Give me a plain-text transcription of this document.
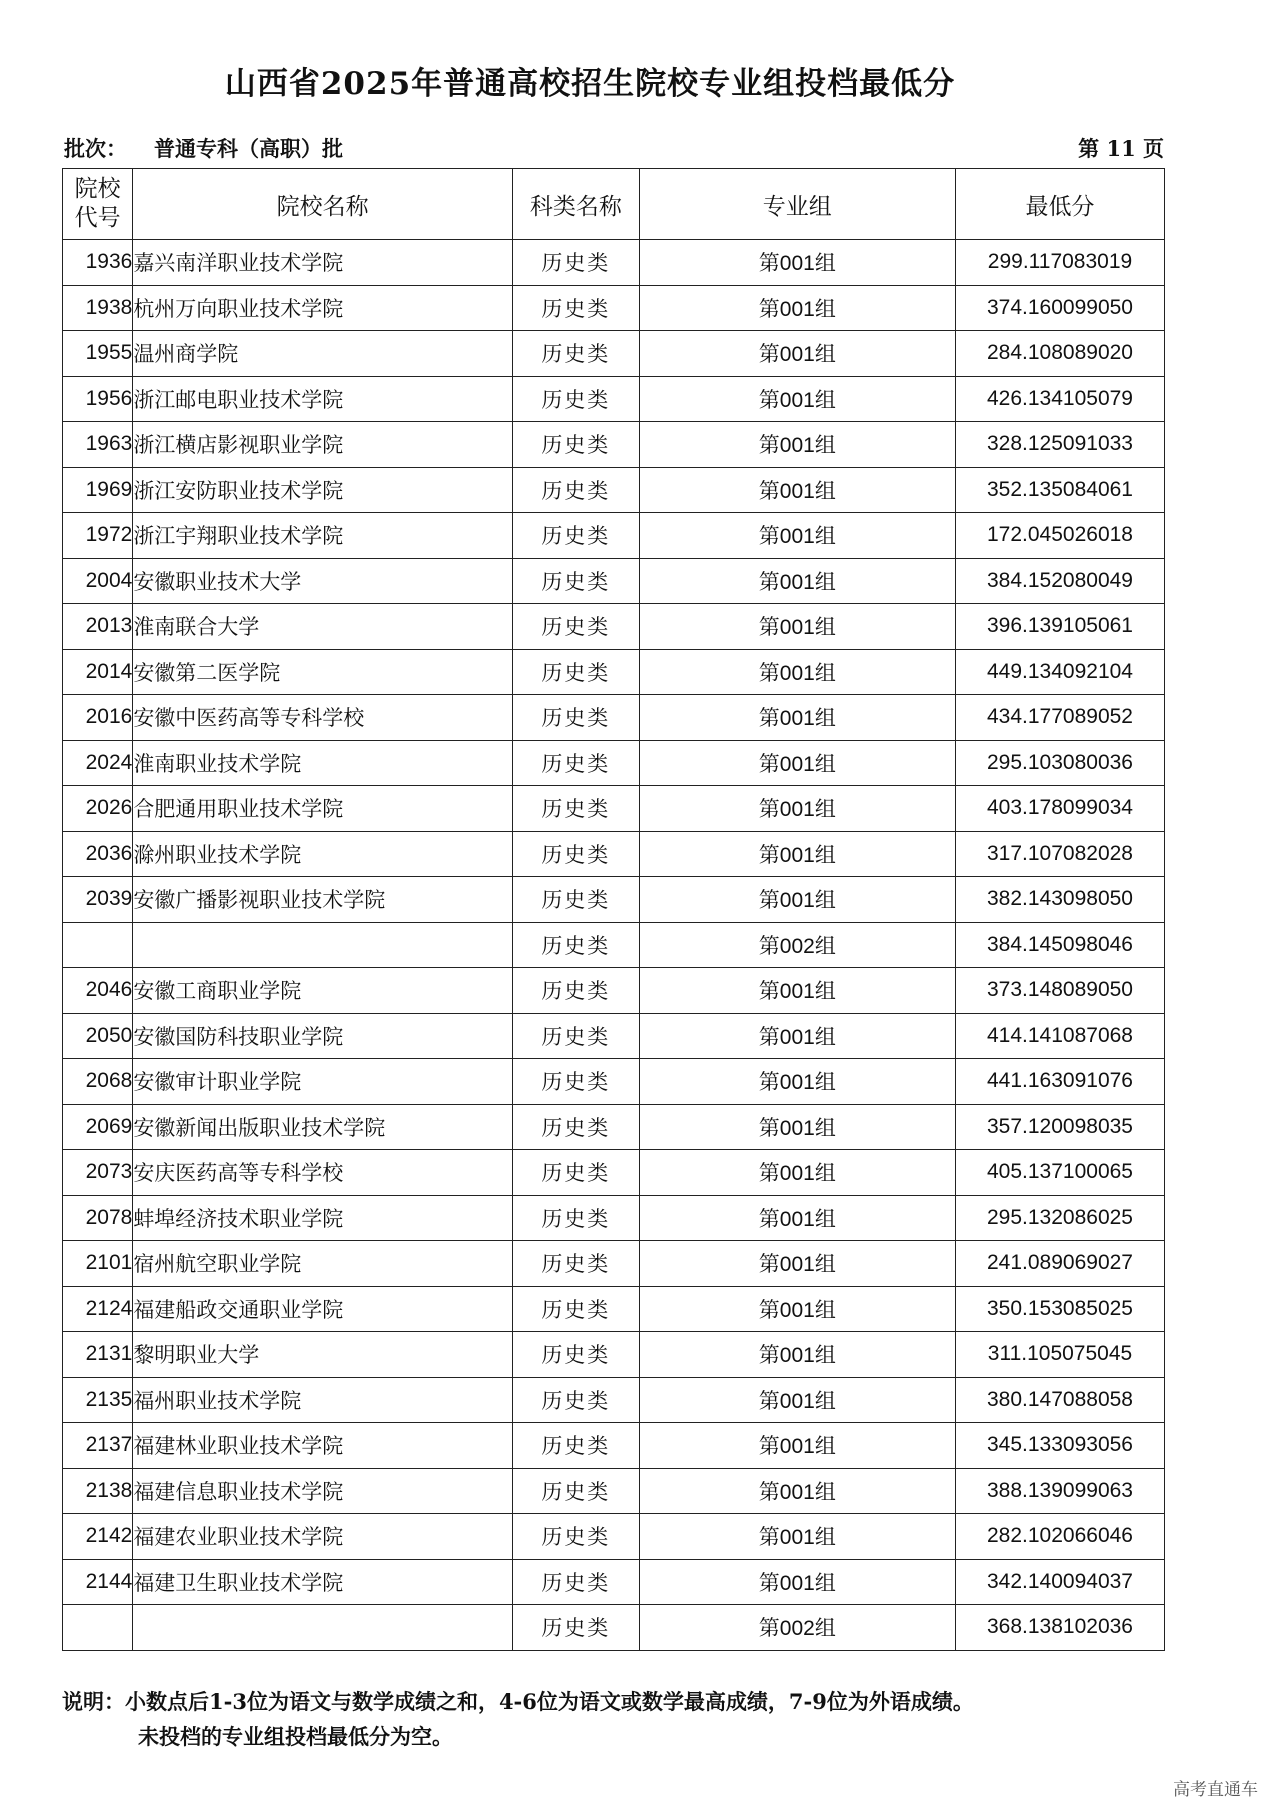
山西省2025年普通高校招生院校专业组投档最低分
批次： 普通专科（高职）批	第 11 页
院校
代号	院校名称	科类名称	专业组	最低分
1936	嘉兴南洋职业技术学院	历史类	第001组	299.117083019
1938	杭州万向职业技术学院	历史类	第001组	374.160099050
1955	温州商学院	历史类	第001组	284.108089020
1956	浙江邮电职业技术学院	历史类	第001组	426.134105079
1963	浙江横店影视职业学院	历史类	第001组	328.125091033
1969	浙江安防职业技术学院	历史类	第001组	352.135084061
1972	浙江宇翔职业技术学院	历史类	第001组	172.045026018
2004	安徽职业技术大学	历史类	第001组	384.152080049
2013	淮南联合大学	历史类	第001组	396.139105061
2014	安徽第二医学院	历史类	第001组	449.134092104
2016	安徽中医药高等专科学校	历史类	第001组	434.177089052
2024	淮南职业技术学院	历史类	第001组	295.103080036
2026	合肥通用职业技术学院	历史类	第001组	403.178099034
2036	滁州职业技术学院	历史类	第001组	317.107082028
2039	安徽广播影视职业技术学院	历史类	第001组	382.143098050
		历史类	第002组	384.145098046
2046	安徽工商职业学院	历史类	第001组	373.148089050
2050	安徽国防科技职业学院	历史类	第001组	414.141087068
2068	安徽审计职业学院	历史类	第001组	441.163091076
2069	安徽新闻出版职业技术学院	历史类	第001组	357.120098035
2073	安庆医药高等专科学校	历史类	第001组	405.137100065
2078	蚌埠经济技术职业学院	历史类	第001组	295.132086025
2101	宿州航空职业学院	历史类	第001组	241.089069027
2124	福建船政交通职业学院	历史类	第001组	350.153085025
2131	黎明职业大学	历史类	第001组	311.105075045
2135	福州职业技术学院	历史类	第001组	380.147088058
2137	福建林业职业技术学院	历史类	第001组	345.133093056
2138	福建信息职业技术学院	历史类	第001组	388.139099063
2142	福建农业职业技术学院	历史类	第001组	282.102066046
2144	福建卫生职业技术学院	历史类	第001组	342.140094037
		历史类	第002组	368.138102036
说明：小数点后1-3位为语文与数学成绩之和，4-6位为语文或数学最高成绩，7-9位为外语成绩。
未投档的专业组投档最低分为空。
高考直通车
